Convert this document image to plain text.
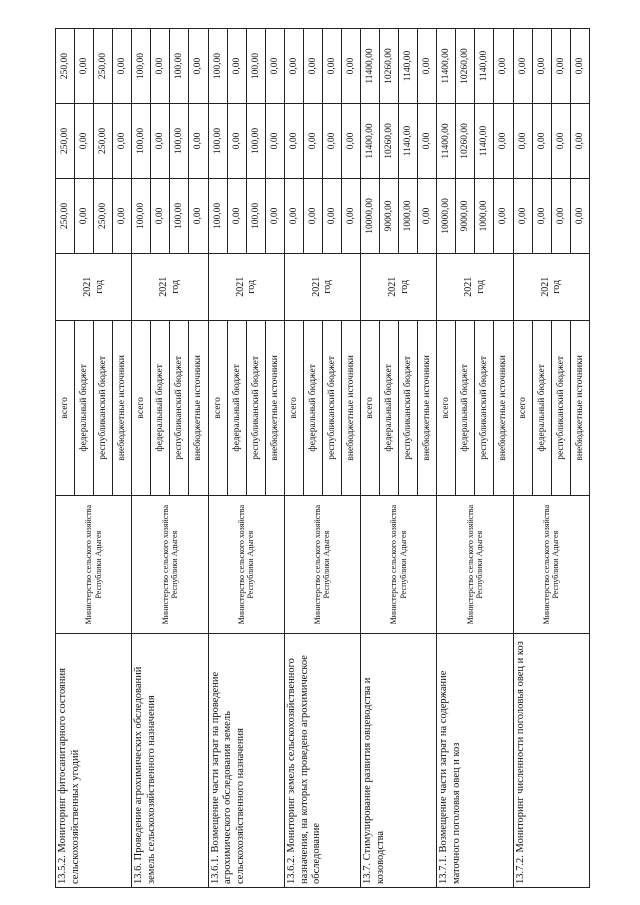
13.5.2. Мониторинг фитосанитарного состояния сельскохозяйственных угодий	Министерство сельского хозяйства Республики Адыгея	всего	2021 год	250,00	250,00	250,00
		федеральный бюджет		0,00	0,00	0,00
		республиканский бюджет		250,00	250,00	250,00
		внебюджетные источники		0,00	0,00	0,00
13.6. Проведение агрохимических обследований земель сельскохозяйственного назначения	Министерство сельского хозяйства Республики Адыгея	всего	2021 год	100,00	100,00	100,00
		федеральный бюджет		0,00	0,00	0,00
		республиканский бюджет		100,00	100,00	100,00
		внебюджетные источники		0,00	0,00	0,00
13.6.1. Возмещение части затрат на проведение агрохимического обследования земель сельскохозяйственного назначения	Министерство сельского хозяйства Республики Адыгея	всего	2021 год	100,00	100,00	100,00
		федеральный бюджет		0,00	0,00	0,00
		республиканский бюджет		100,00	100,00	100,00
		внебюджетные источники		0,00	0,00	0,00
13.6.2. Мониторинг земель сельскохозяйственного назначения, на которых проведено агрохимическое обследование	Министерство сельского хозяйства Республики Адыгея	всего	2021 год	0,00	0,00	0,00
		федеральный бюджет		0,00	0,00	0,00
		республиканский бюджет		0,00	0,00	0,00
		внебюджетные источники		0,00	0,00	0,00
13.7. Стимулирование развития овцеводства и козоводства	Министерство сельского хозяйства Республики Адыгея	всего	2021 год	10000,00	11400,00	11400,00
		федеральный бюджет		9000,00	10260,00	10260,00
		республиканский бюджет		1000,00	1140,00	1140,00
		внебюджетные источники		0,00	0,00	0,00
13.7.1. Возмещение части затрат на содержание маточного поголовья овец и коз	Министерство сельского хозяйства Республики Адыгея	всего	2021 год	10000,00	11400,00	11400,00
		федеральный бюджет		9000,00	10260,00	10260,00
		республиканский бюджет		1000,00	1140,00	1140,00
		внебюджетные источники		0,00	0,00	0,00
13.7.2. Мониторинг численности поголовья овец и коз	Министерство сельского хозяйства Республики Адыгея	всего	2021 год	0,00	0,00	0,00
		федеральный бюджет		0,00	0,00	0,00
		республиканский бюджет		0,00	0,00	0,00
		внебюджетные источники		0,00	0,00	0,00
